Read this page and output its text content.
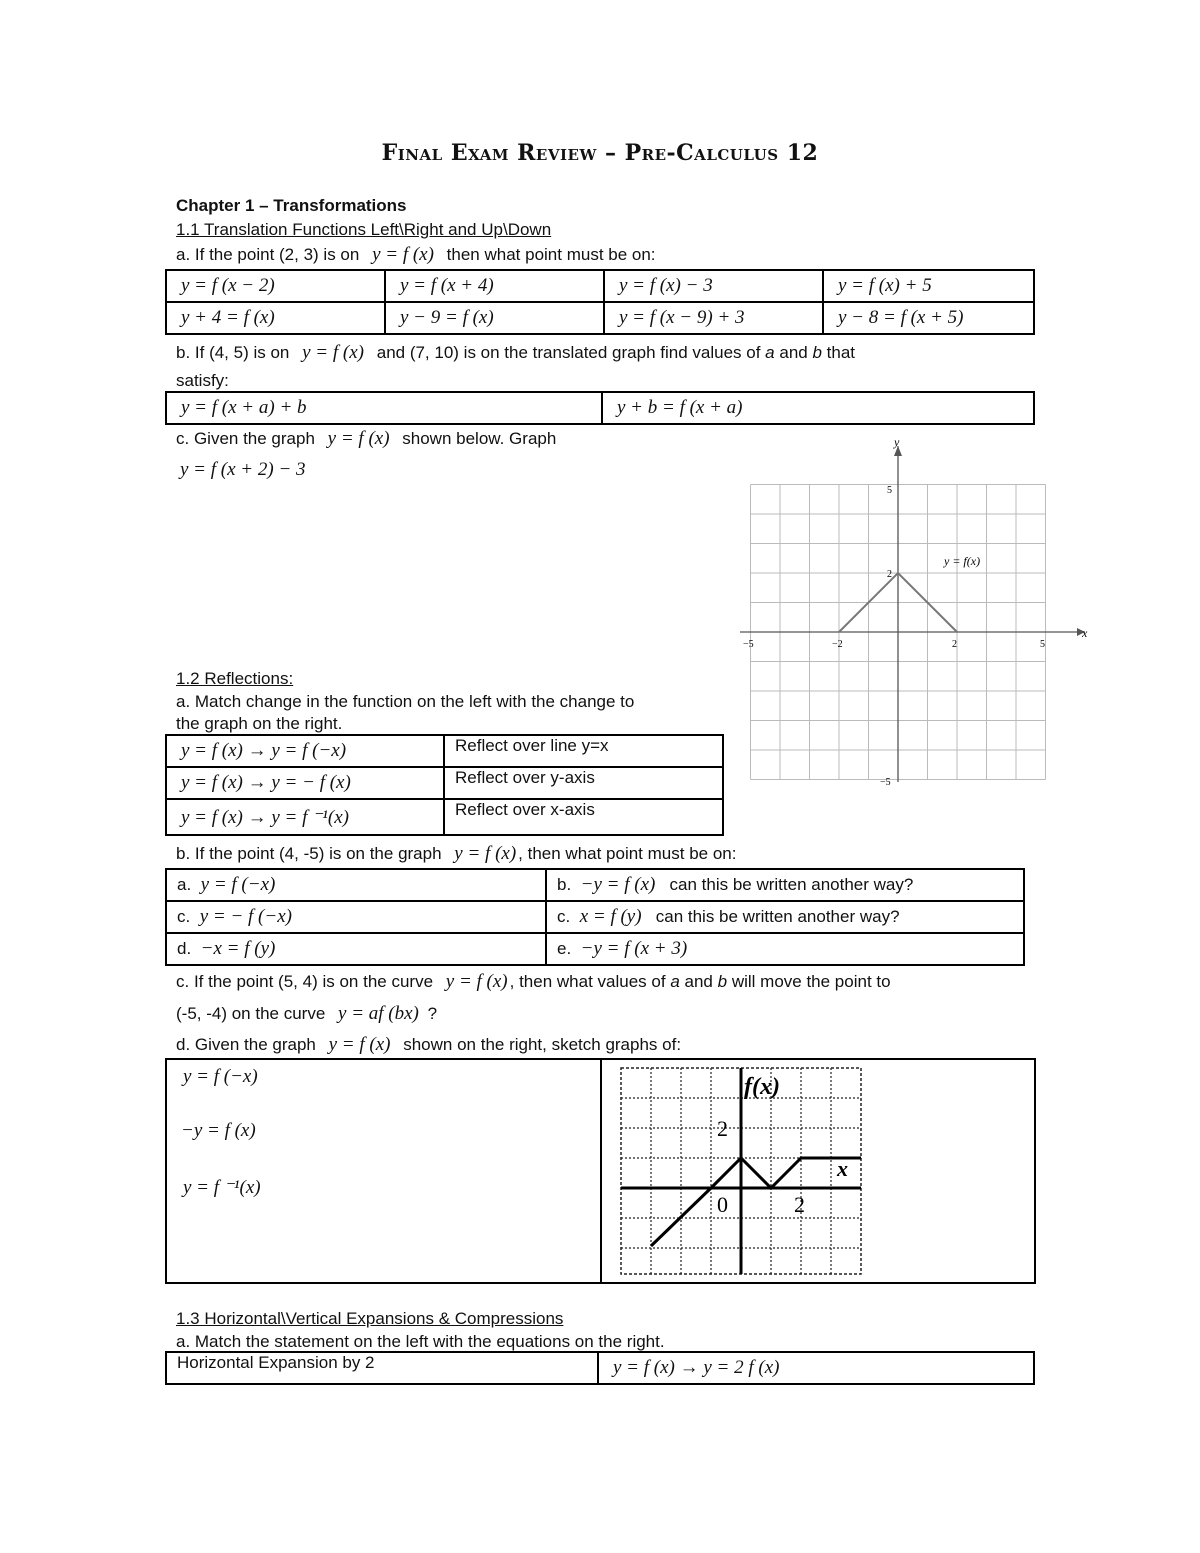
Final Exam Review – Pre-Calculus 12
Chapter 1 – Transformations
1.1 Translation Functions Left\Right and Up\Down
a. If the point (2, 3) is on y = f (x) then what point must be on:
y = f (x − 2)	y = f (x + 4)	y = f (x) − 3	y = f (x) + 5
y + 4 = f (x)	y − 9 = f (x)	y = f (x − 9) + 3	y − 8 = f (x + 5)
b. If (4, 5) is on y = f (x) and (7, 10) is on the translated graph find values of a and b that
satisfy:
y = f (x + a) + b	y + b = f (x + a)
c. Given the graph y = f (x) shown below. Graph
y = f (x + 2) − 3
y
x
5
2
−5
−5	−2	2	5
y = f(x)
1.2 Reflections:
a. Match change in the function on the left with the change to
the graph on the right.
y = f (x) → y = f (−x)	Reflect over line y=x
y = f (x) → y = − f (x)	Reflect over y-axis
y = f (x) → y = f ⁻¹(x)	Reflect over x-axis
b. If the point (4, -5) is on the graph y = f (x) , then what point must be on:
a. y = f (−x)	b. −y = f (x) can this be written another way?
c. y = − f (−x)	c. x = f (y) can this be written another way?
d. −x = f (y)	e. −y = f (x + 3)
c. If the point (5, 4) is on the curve y = f (x) , then what values of a and b will move the point to
(-5, -4) on the curve y = af (bx) ?
d. Given the graph y = f (x) shown on the right, sketch graphs of:
y = f (−x)
−y = f (x)
y = f ⁻¹(x)
f(x)
x
2
0	2
1.3 Horizontal\Vertical Expansions & Compressions
a. Match the statement on the left with the equations on the right.
Horizontal Expansion by 2	y = f (x) → y = 2 f (x)
